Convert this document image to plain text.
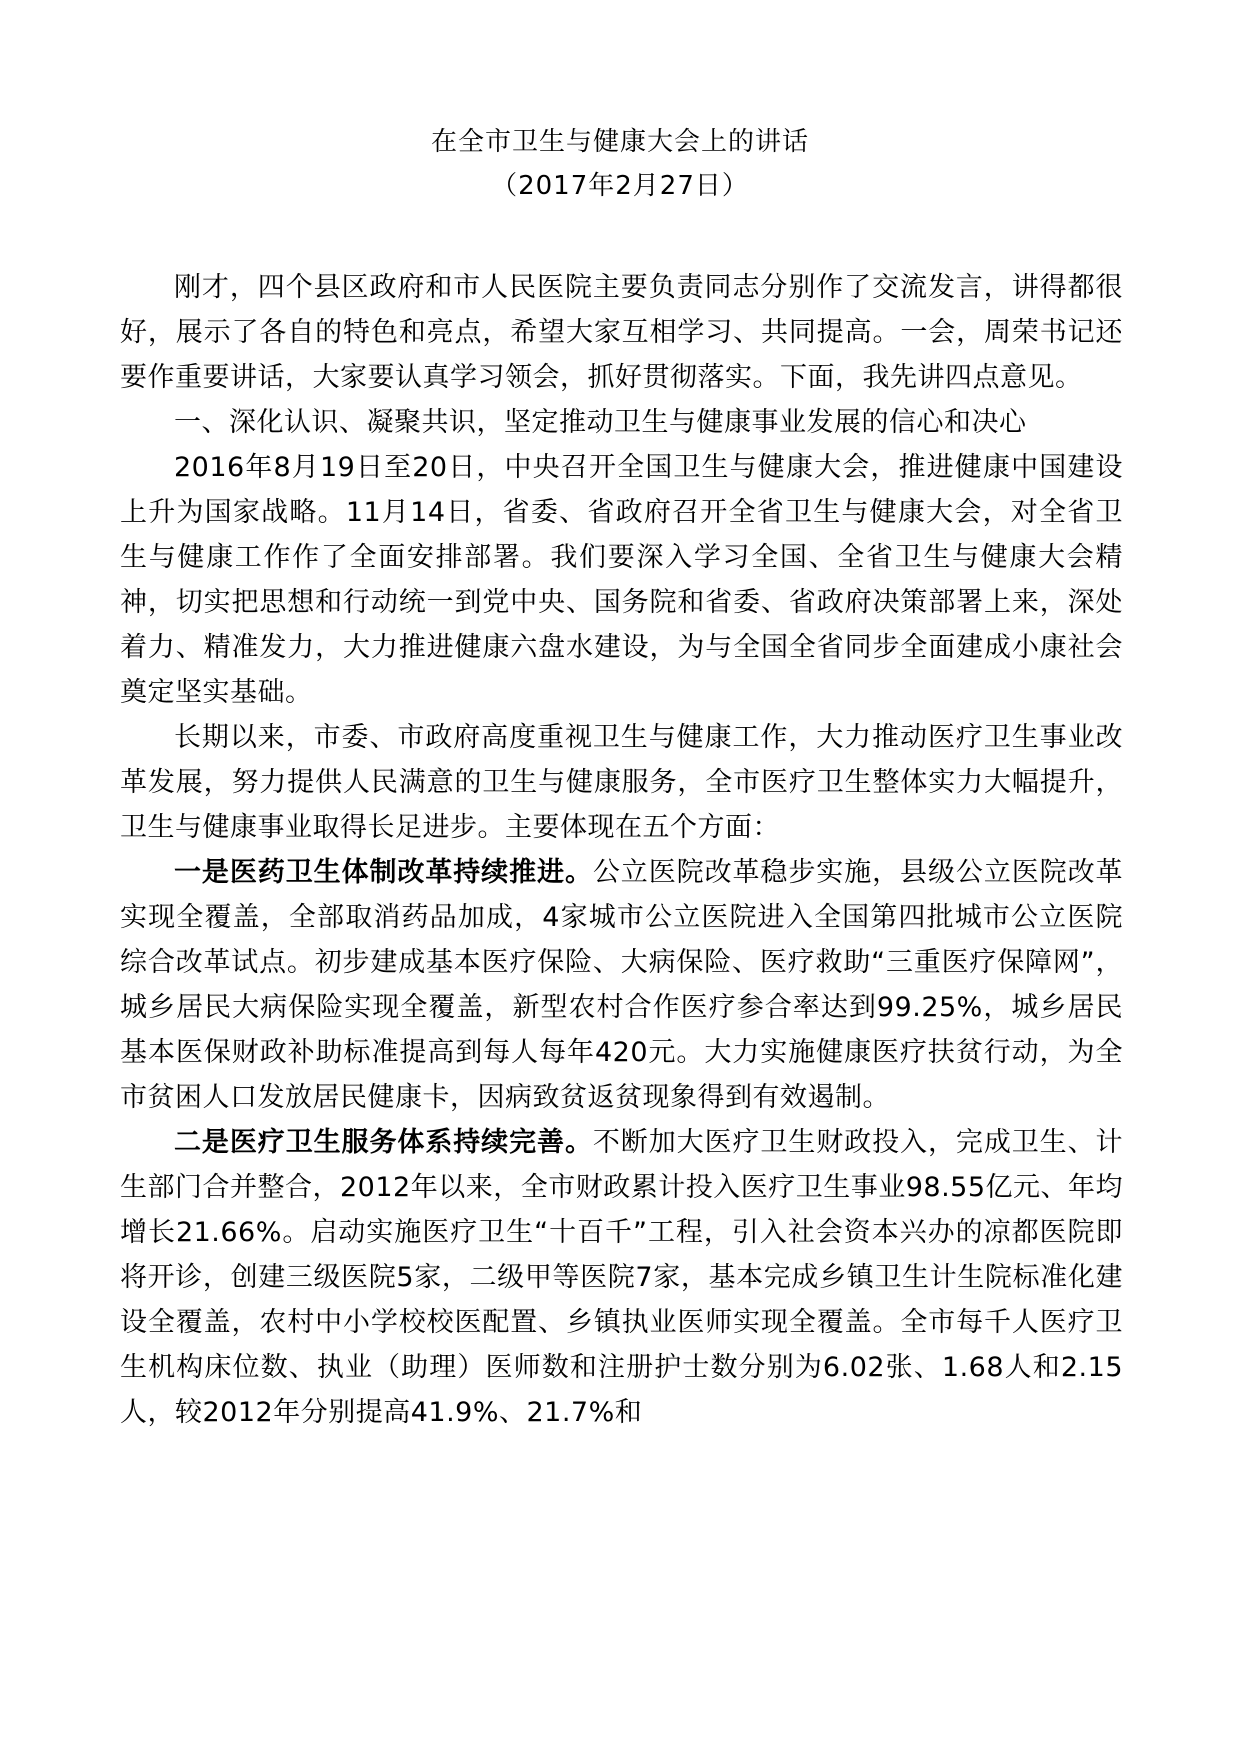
在全市卫生与健康大会上的讲话
（2017年2月27日）

刚才，四个县区政府和市人民医院主要负责同志分别作了交流发言，讲得都很好，展示了各自的特色和亮点，希望大家互相学习、共同提高。一会，周荣书记还要作重要讲话，大家要认真学习领会，抓好贯彻落实。下面，我先讲四点意见。

一、深化认识、凝聚共识，坚定推动卫生与健康事业发展的信心和决心

2016年8月19日至20日，中央召开全国卫生与健康大会，推进健康中国建设上升为国家战略。11月14日，省委、省政府召开全省卫生与健康大会，对全省卫生与健康工作作了全面安排部署。我们要深入学习全国、全省卫生与健康大会精神，切实把思想和行动统一到党中央、国务院和省委、省政府决策部署上来，深处着力、精准发力，大力推进健康六盘水建设，为与全国全省同步全面建成小康社会奠定坚实基础。

长期以来，市委、市政府高度重视卫生与健康工作，大力推动医疗卫生事业改革发展，努力提供人民满意的卫生与健康服务，全市医疗卫生整体实力大幅提升，卫生与健康事业取得长足进步。主要体现在五个方面：

一是医药卫生体制改革持续推进。公立医院改革稳步实施，县级公立医院改革实现全覆盖，全部取消药品加成，4家城市公立医院进入全国第四批城市公立医院综合改革试点。初步建成基本医疗保险、大病保险、医疗救助“三重医疗保障网”，城乡居民大病保险实现全覆盖，新型农村合作医疗参合率达到99.25%，城乡居民基本医保财政补助标准提高到每人每年420元。大力实施健康医疗扶贫行动，为全市贫困人口发放居民健康卡，因病致贫返贫现象得到有效遏制。

二是医疗卫生服务体系持续完善。不断加大医疗卫生财政投入，完成卫生、计生部门合并整合，2012年以来，全市财政累计投入医疗卫生事业98.55亿元、年均增长21.66%。启动实施医疗卫生“十百千”工程，引入社会资本兴办的凉都医院即将开诊，创建三级医院5家，二级甲等医院7家，基本完成乡镇卫生计生院标准化建设全覆盖，农村中小学校校医配置、乡镇执业医师实现全覆盖。全市每千人医疗卫生机构床位数、执业（助理）医师数和注册护士数分别为6.02张、1.68人和2.15人，较2012年分别提高41.9%、21.7%和
